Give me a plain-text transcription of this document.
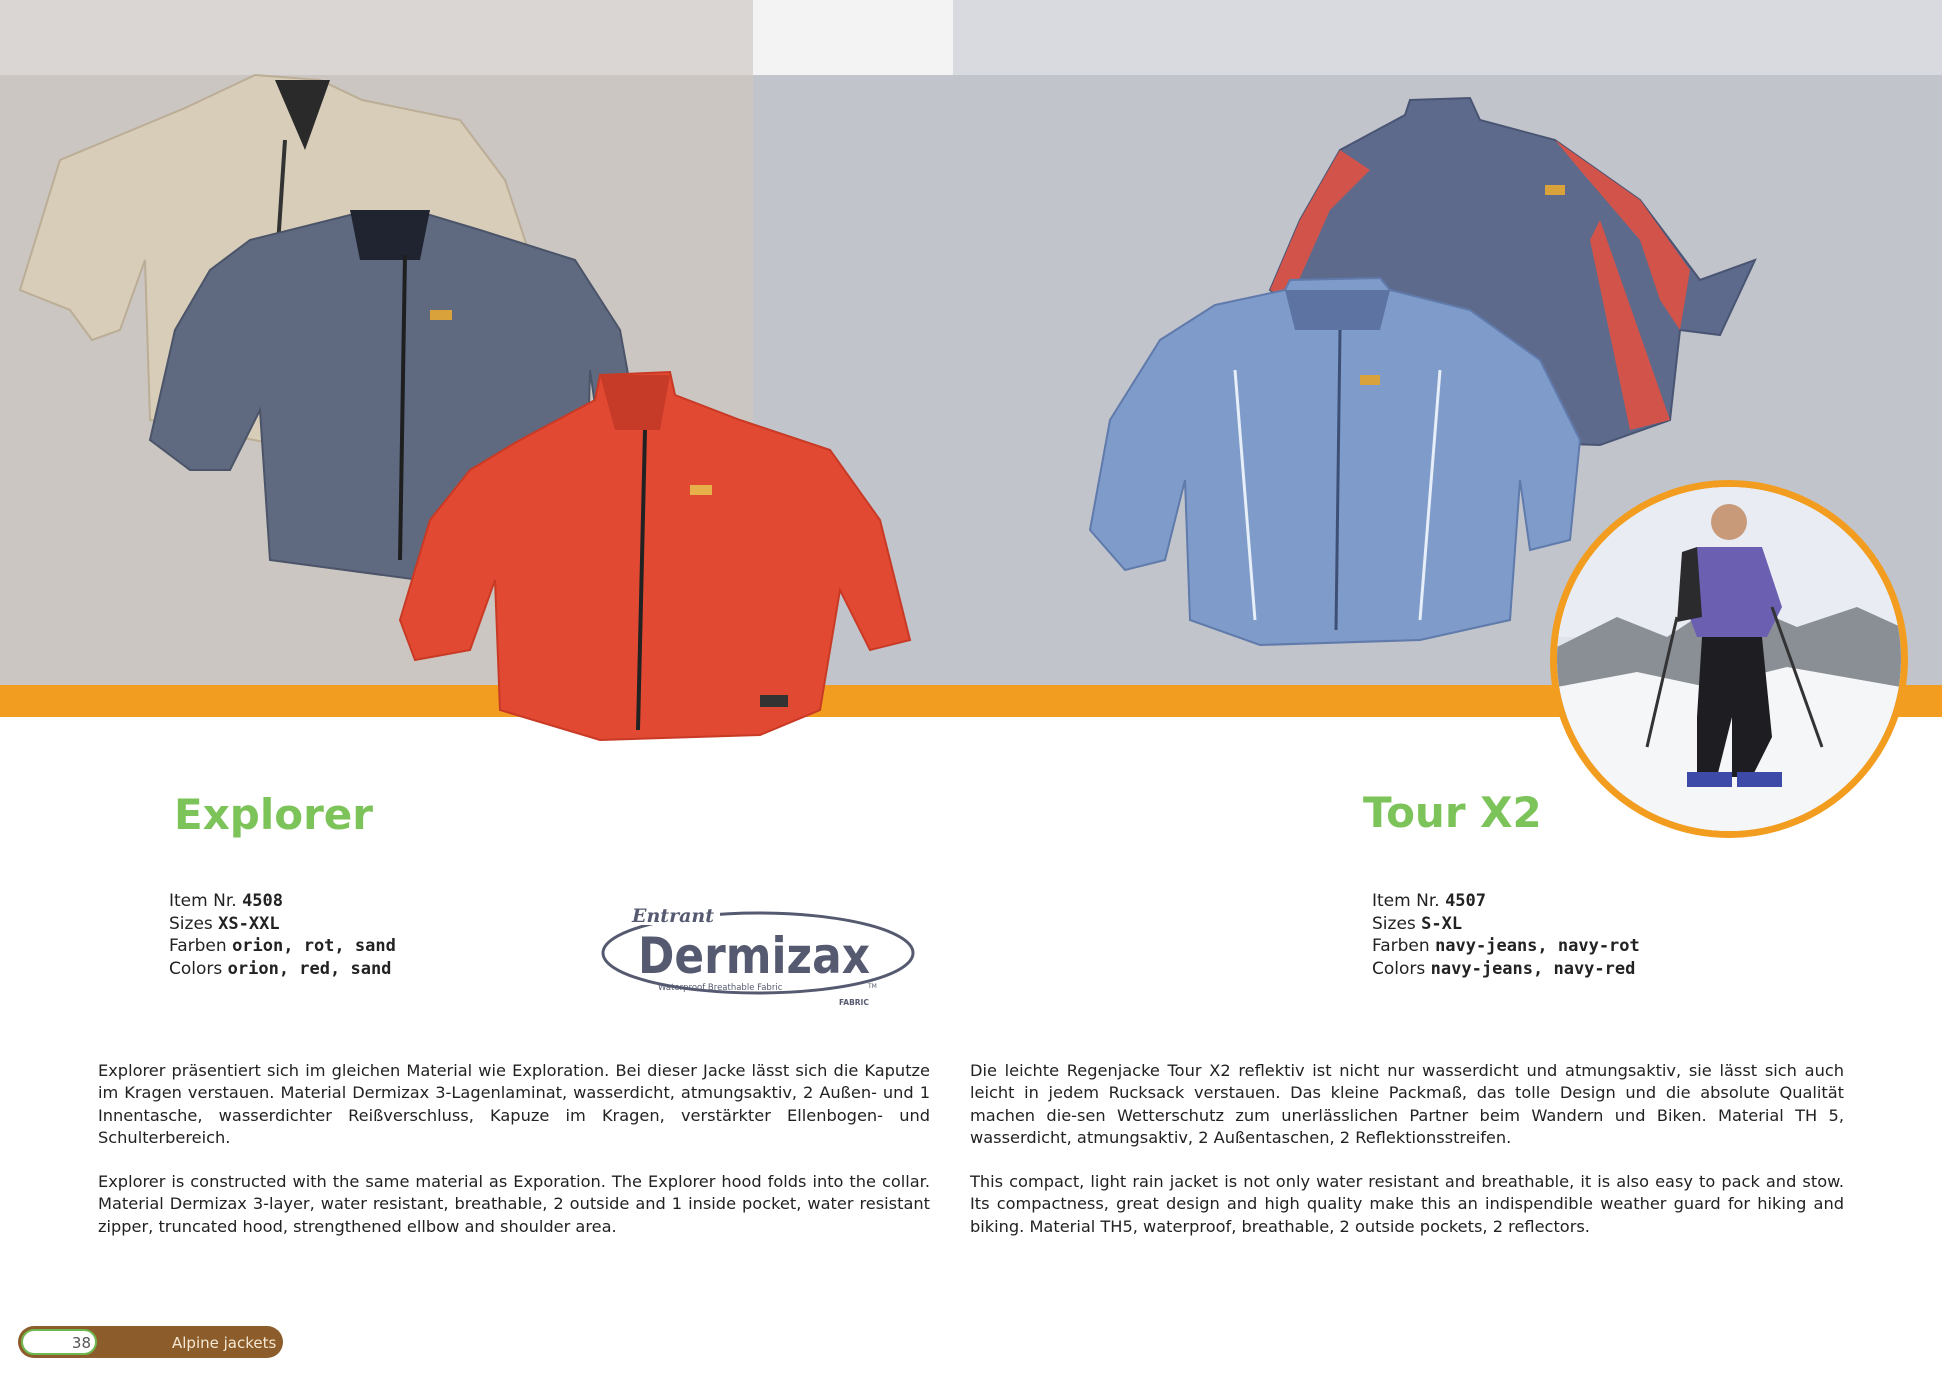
Explorer
Item Nr. 4508
Sizes XS-XXL
Farben orion, rot, sand
Colors orion, red, sand
Entrant
Dermizax
Waterproof Breathable Fabric	TM
FABRIC
Tour X2
Item Nr. 4507
Sizes S-XL
Farben navy-jeans, navy-rot
Colors navy-jeans, navy-red

Explorer präsentiert sich im gleichen Material wie Exploration. Bei dieser Jacke lässt sich die Kaputze im Kragen verstauen. Material Dermizax 3-Lagenlaminat, wasserdicht, atmungsaktiv, 2 Außen- und 1 Innentasche, wasserdichter Reißverschluss, Kapuze im Kragen, verstärkter Ellenbogen- und Schulterbereich.

Explorer is constructed with the same material as Exporation. The Explorer hood folds into the collar. Material Dermizax 3-layer, water resistant, breathable, 2 outside and 1 inside pocket, water resistant zipper, truncated hood, strengthened ellbow and shoulder area.

Die leichte Regenjacke Tour X2 reflektiv ist nicht nur wasserdicht und atmungsaktiv, sie lässt sich auch leicht in jedem Rucksack verstauen. Das kleine Packmaß, das tolle Design und die absolute Qualität machen die-sen Wetterschutz zum unerlässlichen Partner beim Wandern und Biken. Material TH 5, wasserdicht, atmungsaktiv, 2 Außentaschen, 2 Reflektionsstreifen.

This compact, light rain jacket is not only water resistant and breathable, it is also easy to pack and stow. Its compactness, great design and high quality make this an indispendible weather guard for hiking and biking. Material TH5, waterproof, breathable, 2 outside pockets, 2 reflectors.

38	Alpine jackets
